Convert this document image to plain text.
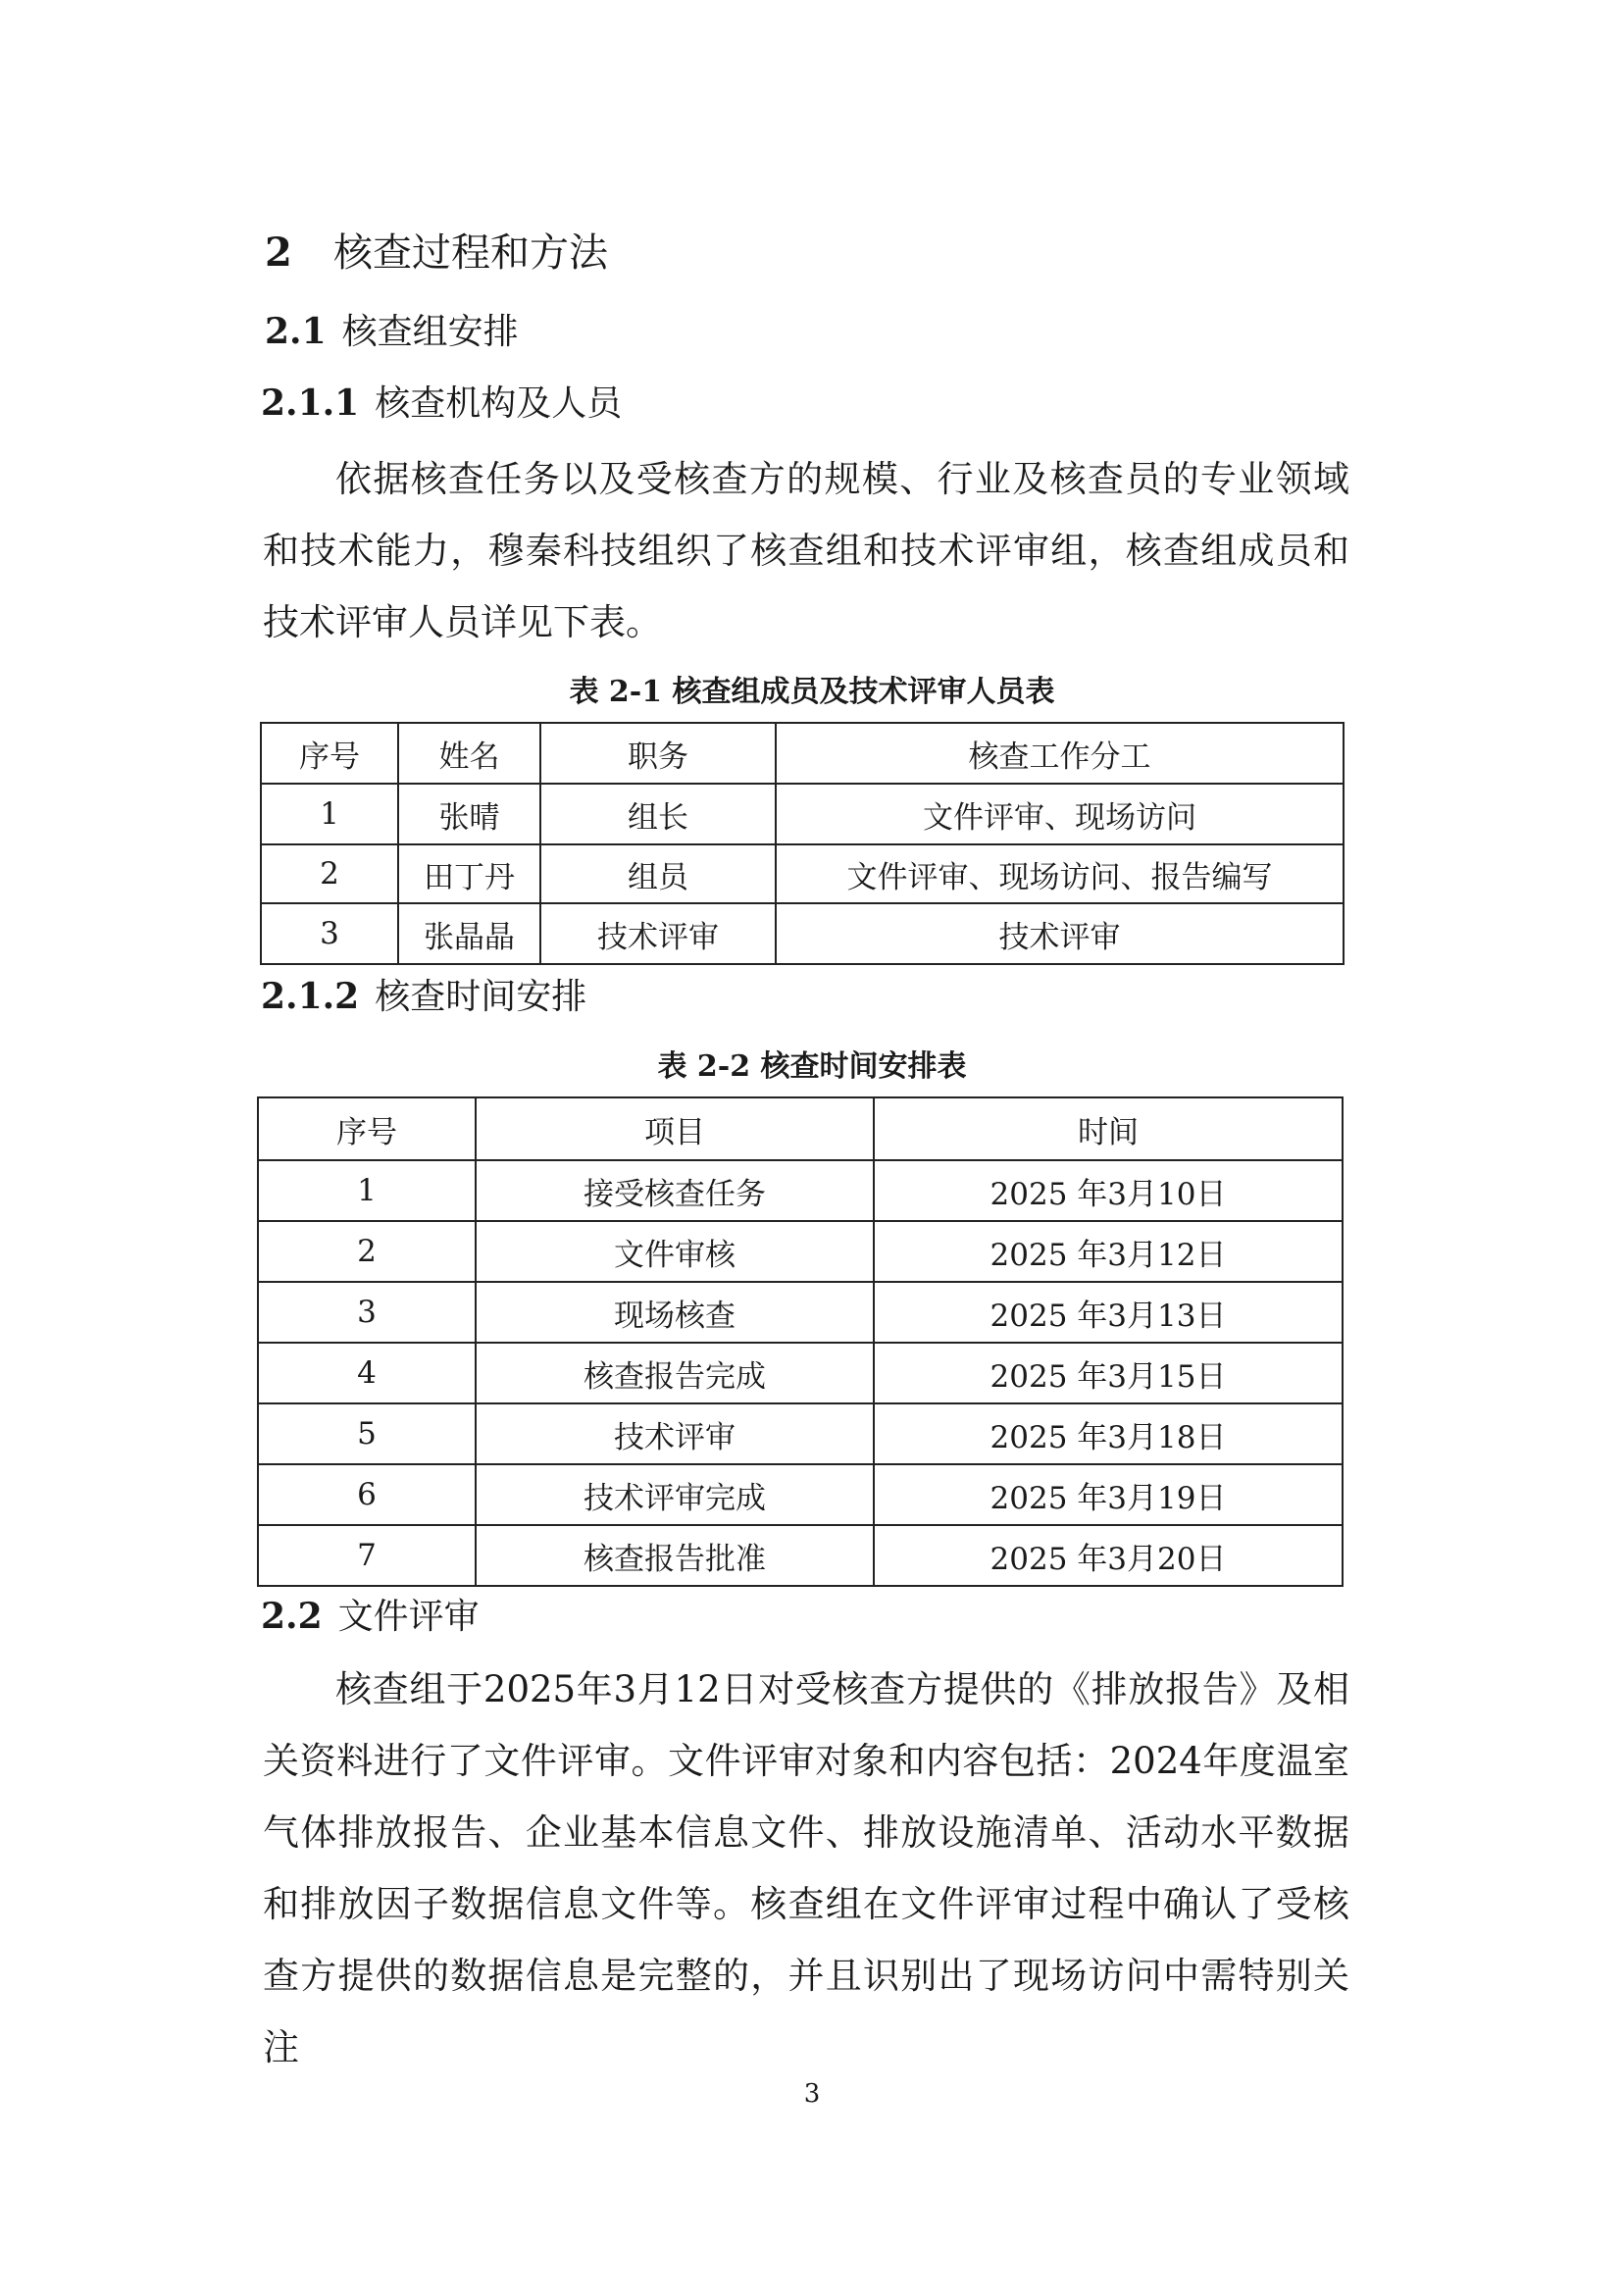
2 核查过程和方法
2.1 核查组安排
2.1.1 核查机构及人员
依据核查任务以及受核查方的规模、行业及核查员的专业领域和技术能力，穆秦科技组织了核查组和技术评审组，核查组成员和技术评审人员详见下表。
表 2-1 核查组成员及技术评审人员表
序号	姓名	职务	核查工作分工
1	张晴	组长	文件评审、现场访问
2	田丁丹	组员	文件评审、现场访问、报告编写
3	张晶晶	技术评审	技术评审
2.1.2 核查时间安排
表 2-2 核查时间安排表
序号	项目	时间
1	接受核查任务	2025 年3月10日
2	文件审核	2025 年3月12日
3	现场核查	2025 年3月13日
4	核查报告完成	2025 年3月15日
5	技术评审	2025 年3月18日
6	技术评审完成	2025 年3月19日
7	核查报告批准	2025 年3月20日
2.2 文件评审
核查组于2025年3月12日对受核查方提供的《排放报告》及相关资料进行了文件评审。文件评审对象和内容包括：2024年度温室气体排放报告、企业基本信息文件、排放设施清单、活动水平数据和排放因子数据信息文件等。核查组在文件评审过程中确认了受核查方提供的数据信息是完整的，并且识别出了现场访问中需特别关注
3
